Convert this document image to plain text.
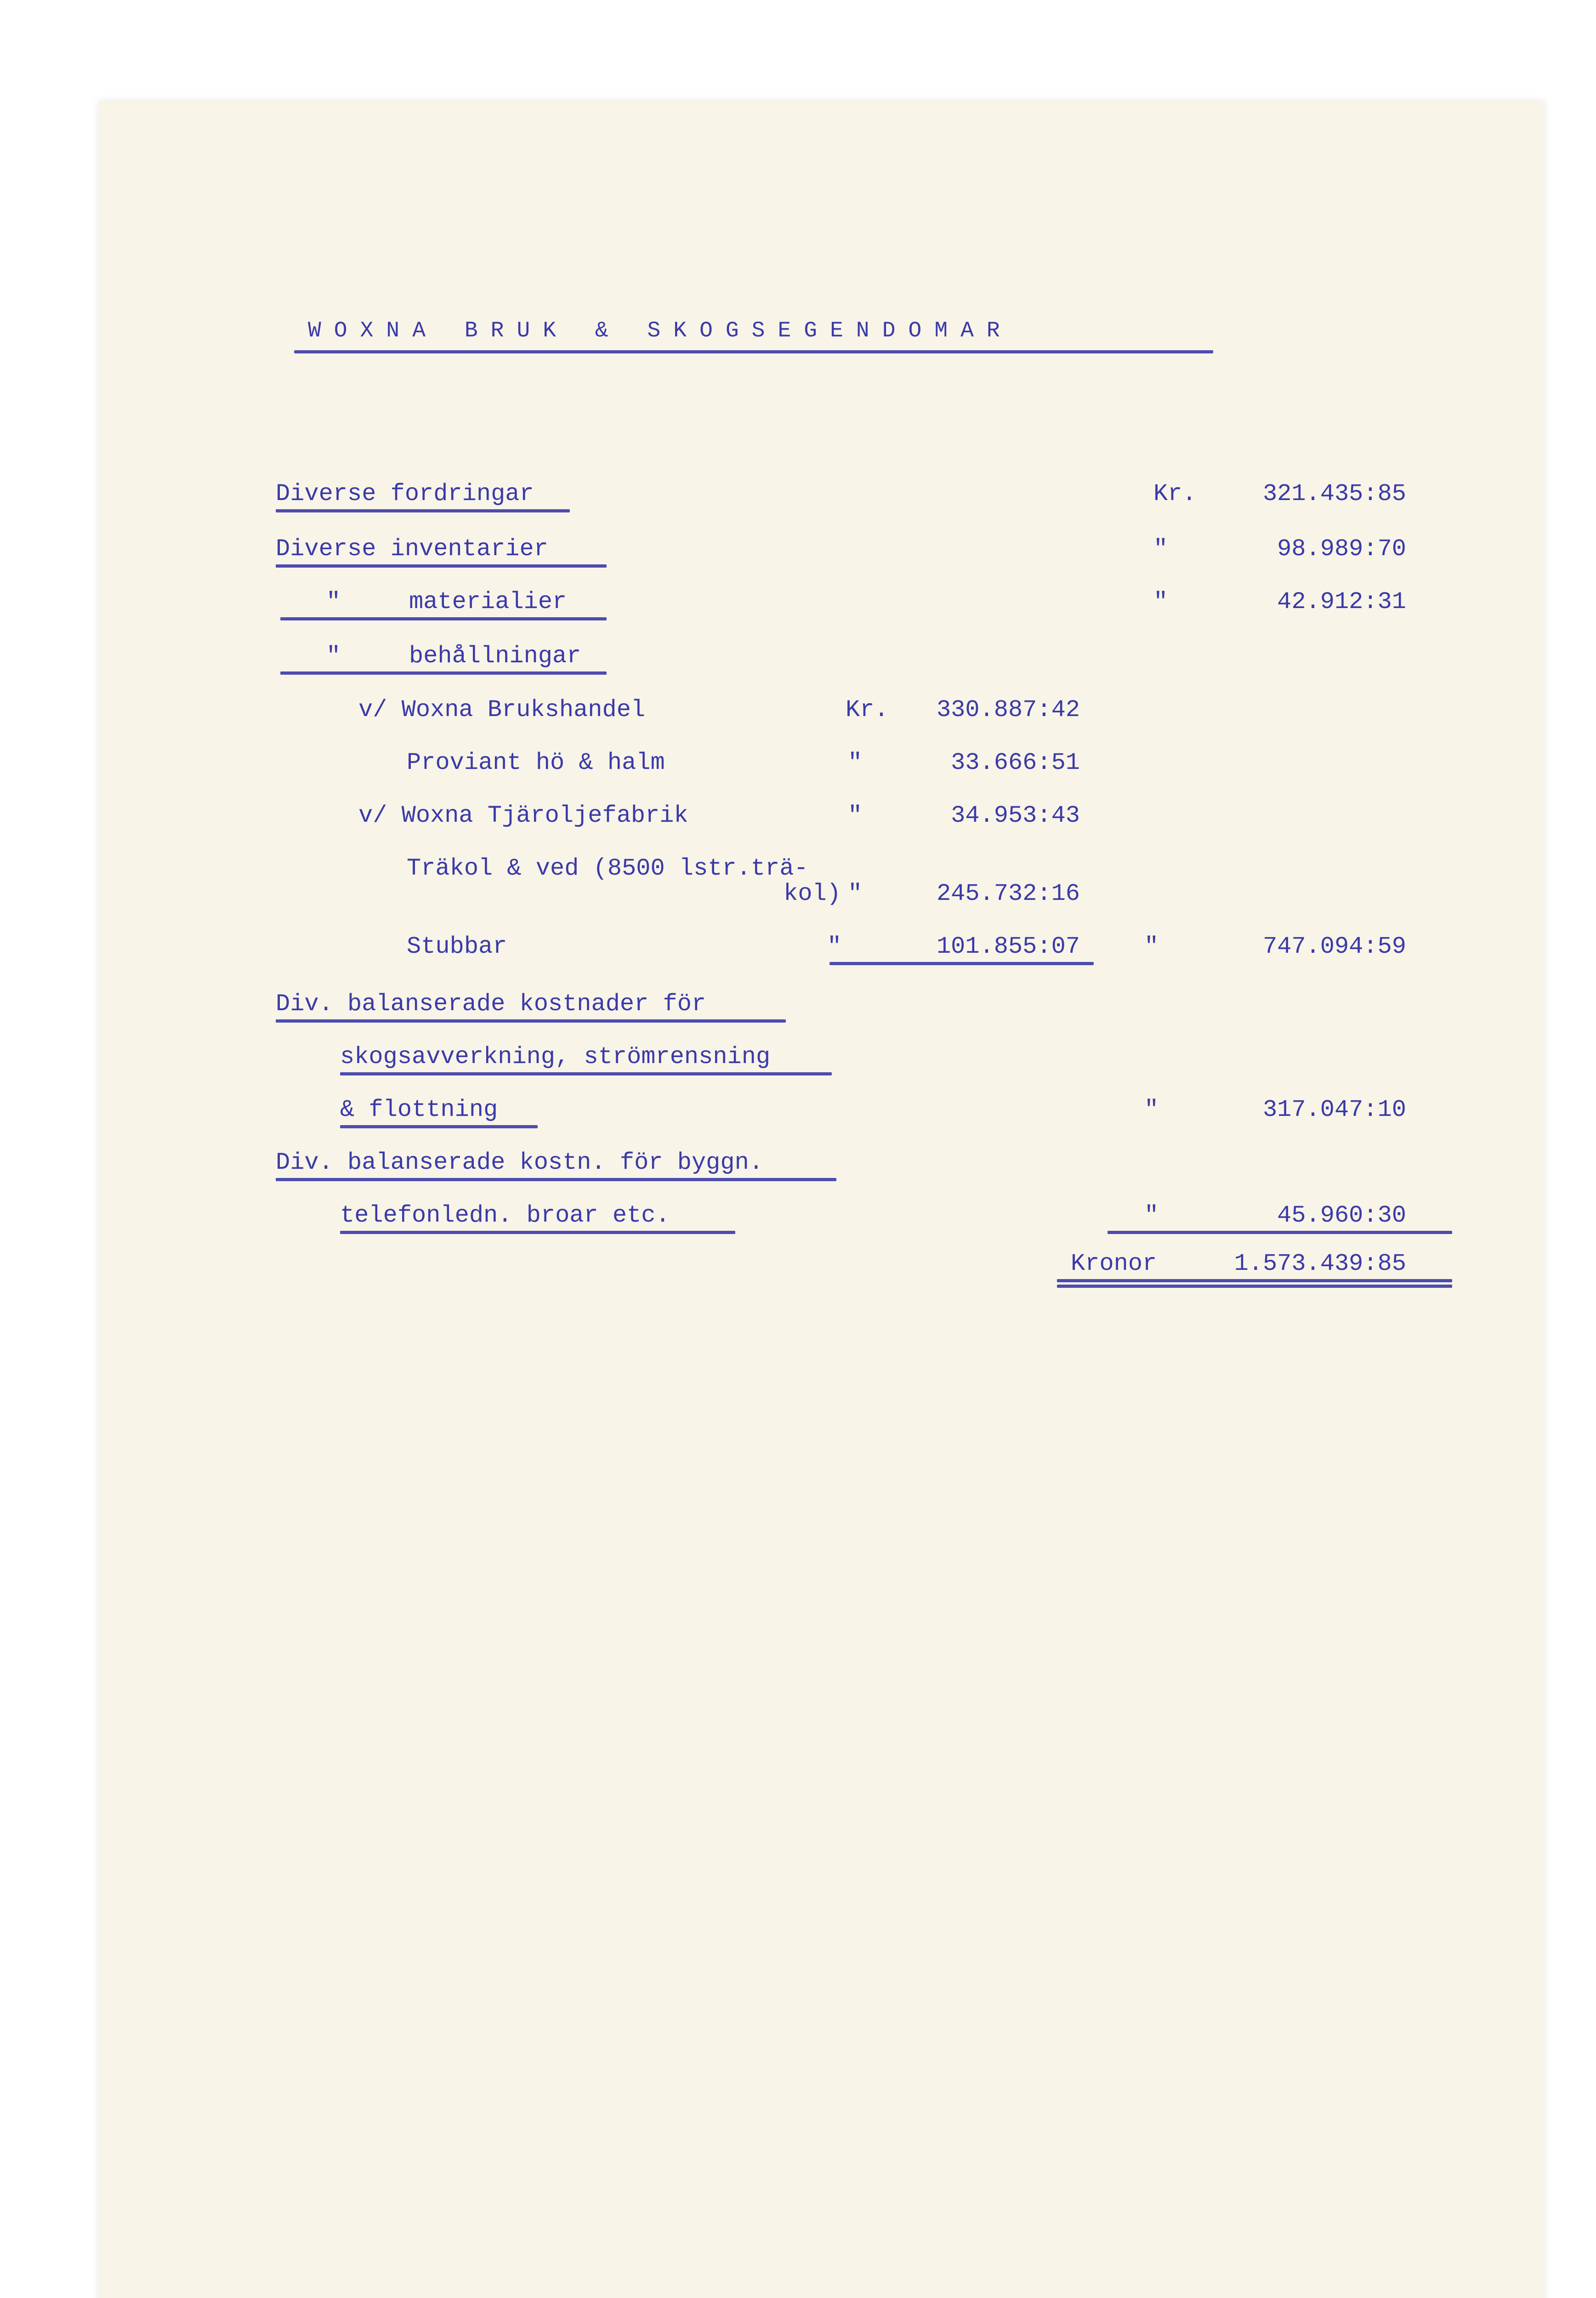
WOXNA BRUK & SKOGSEGENDOMAR
Diverse fordringar	Kr.	321.435:85
Diverse inventarier	"	98.989:70
"	materialier	"	42.912:31
"	behållningar
v/ Woxna Brukshandel	Kr.	330.887:42
Proviant hö & halm	"	33.666:51
v/ Woxna Tjäroljefabrik	"	34.953:43
Träkol & ved (8500 lstr.trä-
kol) "	245.732:16
Stubbar	"	101.855:07	"	747.094:59
Div. balanserade kostnader för
skogsavverkning, strömrensning
& flottning	"	317.047:10
Div. balanserade kostn. för byggn.
telefonledn. broar etc.	"	45.960:30
Kronor	1.573.439:85
